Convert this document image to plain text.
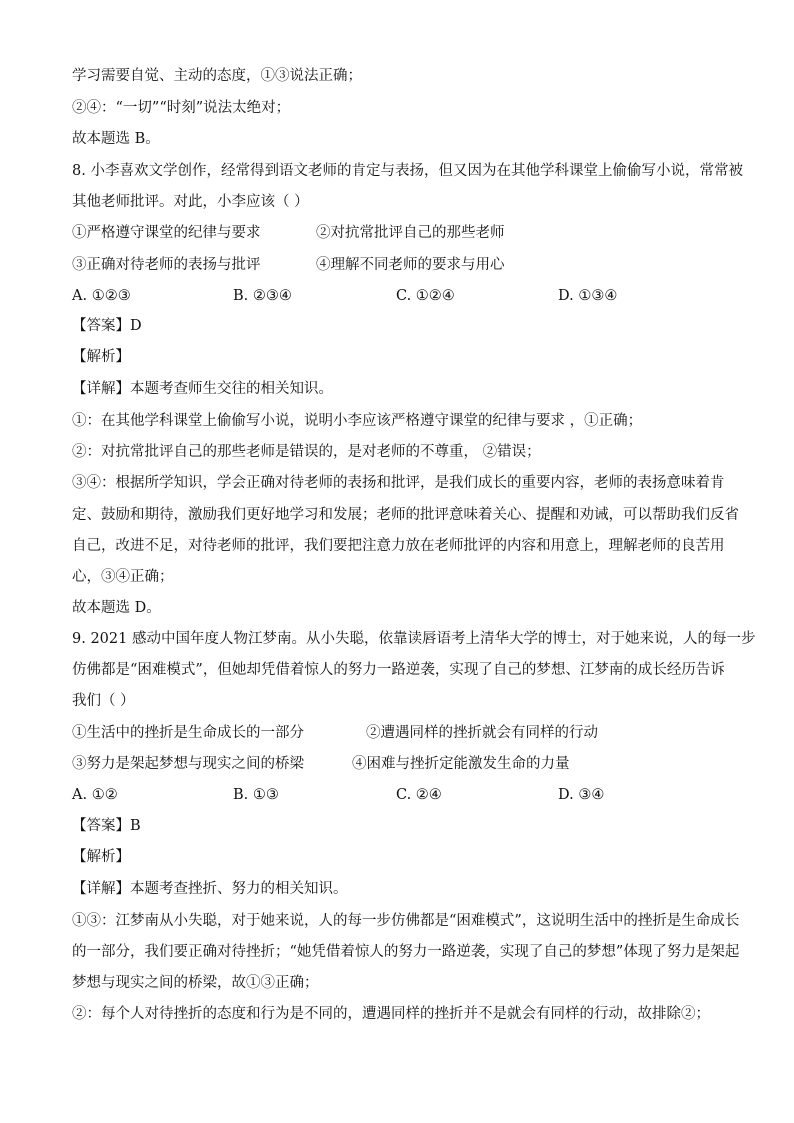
学习需要自觉、主动的态度，①③说法正确；
②④：“一切”“时刻”说法太绝对；
故本题选 B。
8. 小李喜欢文学创作，经常得到语文老师的肯定与表扬，但又因为在其他学科课堂上偷偷写小说，常常被
其他老师批评。对此，小李应该（ ）
①严格遵守课堂的纪律与要求	②对抗常批评自己的那些老师
③正确对待老师的表扬与批评	④理解不同老师的要求与用心
A. ①②③	B. ②③④	C. ①②④	D. ①③④
【答案】D
【解析】
【详解】本题考查师生交往的相关知识。
①：在其他学科课堂上偷偷写小说，说明小李应该严格遵守课堂的纪律与要求 ，①正确；
②：对抗常批评自己的那些老师是错误的，是对老师的不尊重， ②错误；
③④：根据所学知识，学会正确对待老师的表扬和批评，是我们成长的重要内容，老师的表扬意味着肯
定、鼓励和期待，激励我们更好地学习和发展；老师的批评意味着关心、提醒和劝诫，可以帮助我们反省
自己，改进不足，对待老师的批评，我们要把注意力放在老师批评的内容和用意上，理解老师的良苦用
心，③④正确；
故本题选 D。
9. 2021 感动中国年度人物江梦南。从小失聪，依靠读唇语考上清华大学的博士，对于她来说，人的每一步
仿佛都是“困难模式”，但她却凭借着惊人的努力一路逆袭，实现了自己的梦想、江梦南的成长经历告诉
我们（ ）
①生活中的挫折是生命成长的一部分	②遭遇同样的挫折就会有同样的行动
③努力是架起梦想与现实之间的桥梁	④困难与挫折定能激发生命的力量
A. ①②	B. ①③	C. ②④	D. ③④
【答案】B
【解析】
【详解】本题考查挫折、努力的相关知识。
①③：江梦南从小失聪，对于她来说，人的每一步仿佛都是“困难模式”，这说明生活中的挫折是生命成长
的一部分，我们要正确对待挫折；“她凭借着惊人的努力一路逆袭，实现了自己的梦想”体现了努力是架起
梦想与现实之间的桥梁，故①③正确；
②：每个人对待挫折的态度和行为是不同的，遭遇同样的挫折并不是就会有同样的行动，故排除②；
